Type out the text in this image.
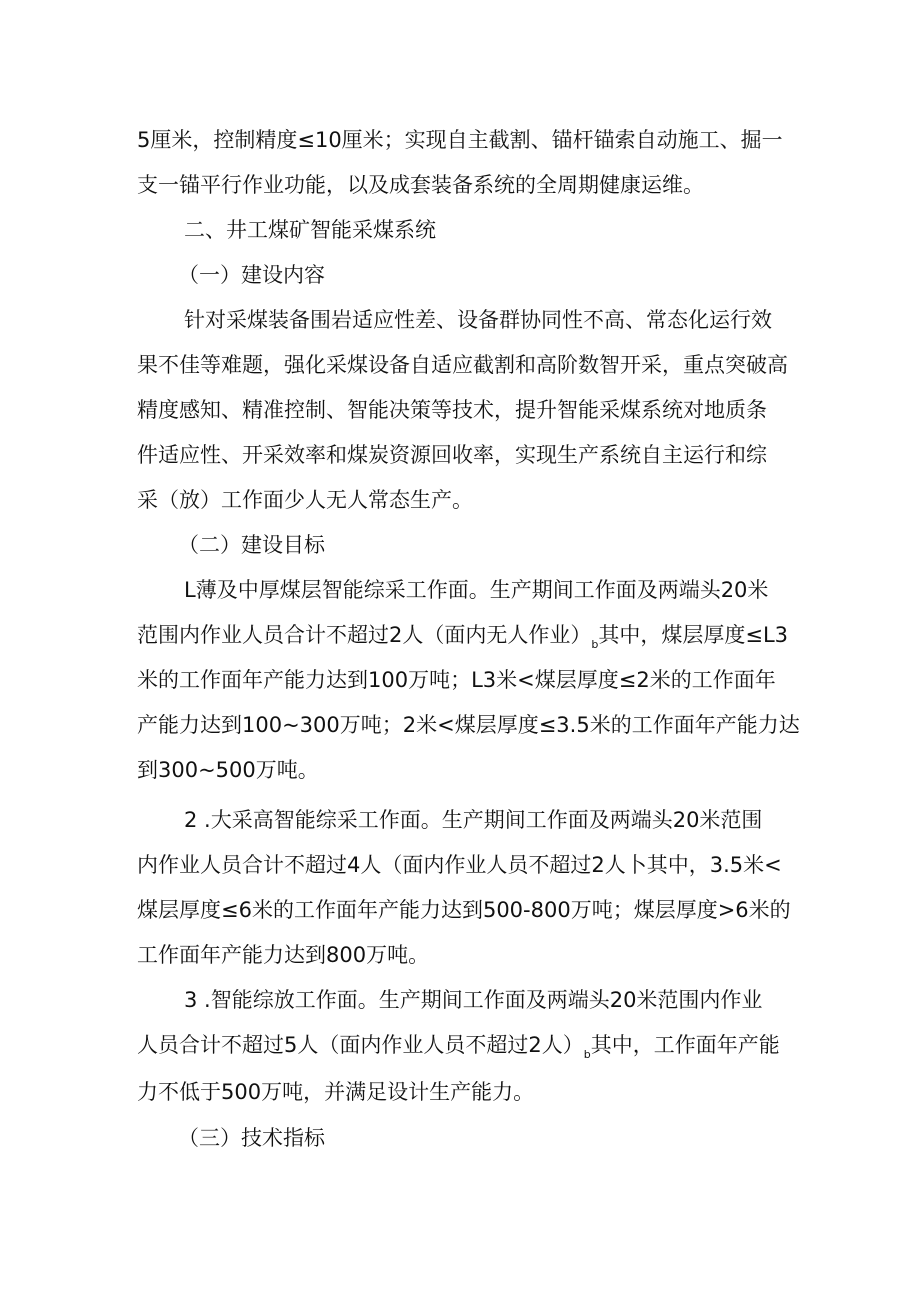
5厘米，控制精度≤10厘米；实现自主截割、锚杆锚索自动施工、掘一
支一锚平行作业功能，以及成套装备系统的全周期健康运维。
二、井工煤矿智能采煤系统
（一）建设内容
针对采煤装备围岩适应性差、设备群协同性不高、常态化运行效
果不佳等难题，强化采煤设备自适应截割和高阶数智开采，重点突破高
精度感知、精准控制、智能决策等技术，提升智能采煤系统对地质条
件适应性、开采效率和煤炭资源回收率，实现生产系统自主运行和综
采（放）工作面少人无人常态生产。
（二）建设目标
L薄及中厚煤层智能综采工作面。生产期间工作面及两端头20米
范围内作业人员合计不超过2人（面内无人作业）$_b$其中，煤层厚度≤L3
米的工作面年产能力达到100万吨；L3米<煤层厚度≤2米的工作面年
产能力达到100~300万吨；2米<煤层厚度≤3.5米的工作面年产能力达
到300~500万吨。
2 .大采高智能综采工作面。生产期间工作面及两端头20米范围
内作业人员合计不超过4人（面内作业人员不超过2人卜其中，3.5米<
煤层厚度≤6米的工作面年产能力达到500-800万吨；煤层厚度>6米的
工作面年产能力达到800万吨。
3 .智能综放工作面。生产期间工作面及两端头20米范围内作业
人员合计不超过5人（面内作业人员不超过2人）$_b$其中，工作面年产能
力不低于500万吨，并满足设计生产能力。
（三）技术指标
